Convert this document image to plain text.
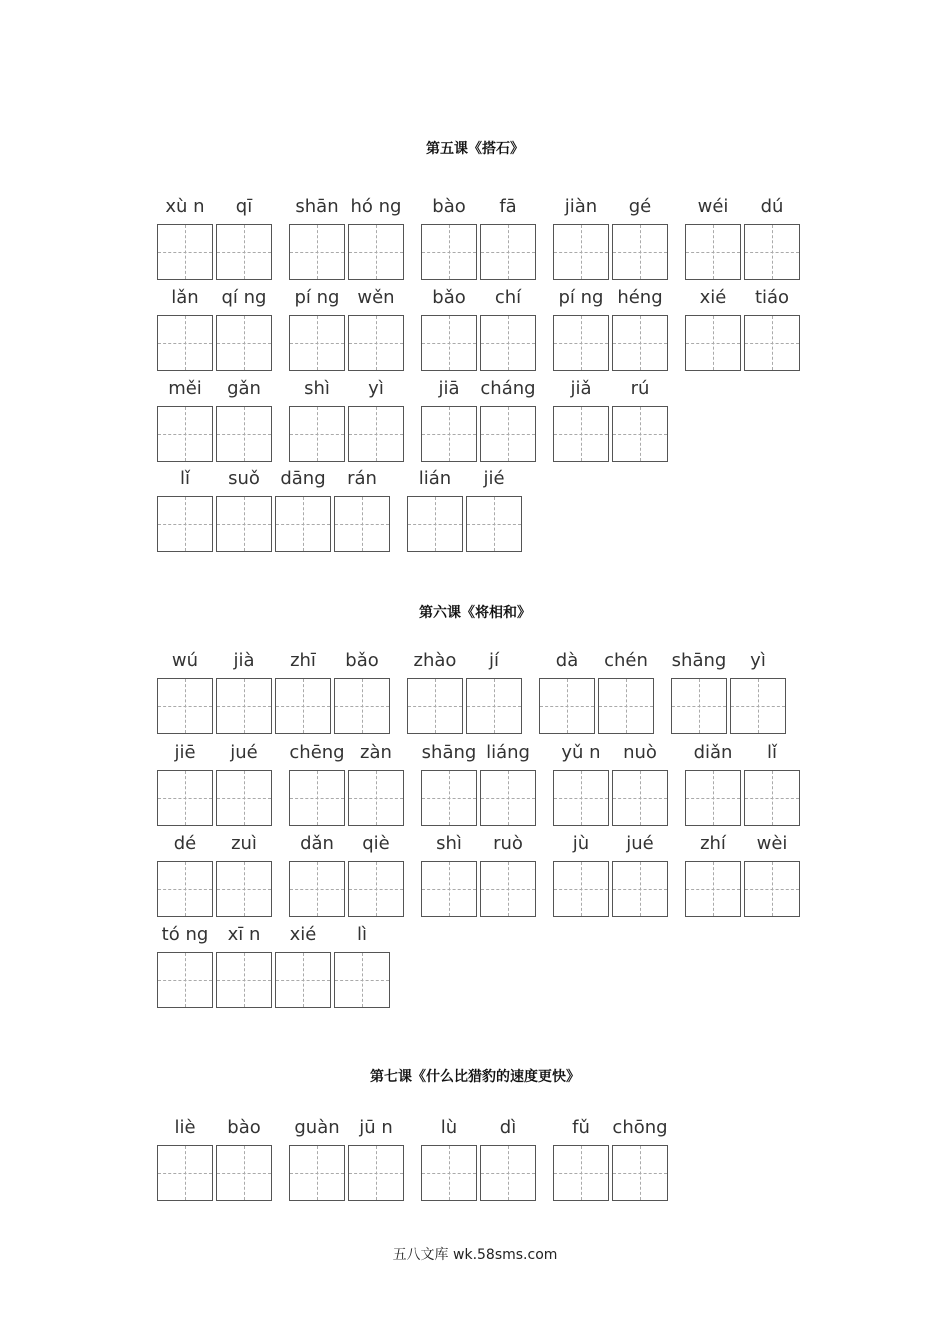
第五课《搭石》
xù n	qī	shān hó ng	bào	fā	jiàn	gé	wéi	dú
lǎn	qí ng	pí ng wěn	bǎo	chí	pí ng héng	xié	tiáo
měi	gǎn	shì	yì	jiā	cháng	jiǎ	rú
lǐ	suǒ	dāng	rán	lián	jié
第六课《将相和》
wú	jià	zhī	bǎo	zhào	jí	dà	chén	shāng	yì
jiē	jué	chēng zàn	shāng liáng	yǔ n	nuò	diǎn	lǐ
dé	zuì	dǎn	qiè	shì	ruò	jù	jué	zhí	wèi
tó ng	xī n	xié	lì
第七课《什么比猎豹的速度更快》
liè	bào	guàn	jū n	lù	dì	fǔ	chōng
五八文库 wk.58sms.com
